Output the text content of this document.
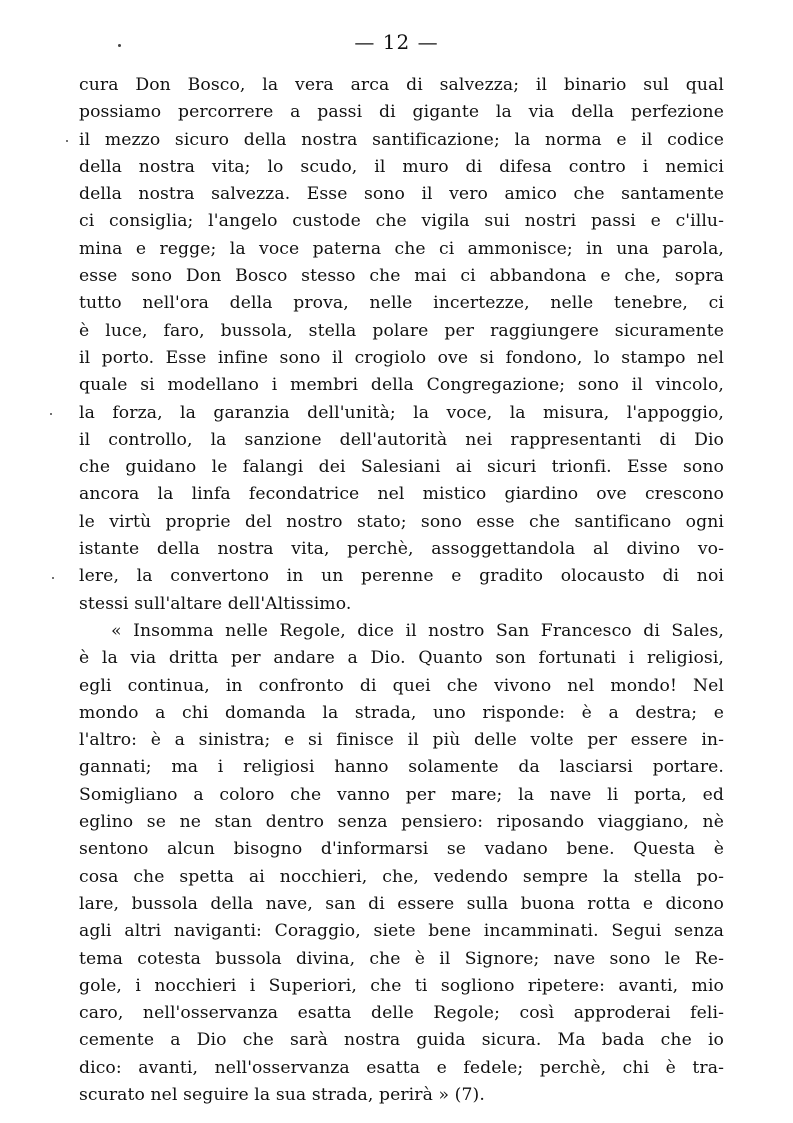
— 12 —
cura Don Bosco, la vera arca di salvezza; il binario sul qual
possiamo percorrere a passi di gigante la via della perfezione
il mezzo sicuro della nostra santificazione; la norma e il codice
della nostra vita; lo scudo, il muro di difesa contro i nemici
della nostra salvezza. Esse sono il vero amico che santamente
ci consiglia; l'angelo custode che vigila sui nostri passi e c'illu-
mina e regge; la voce paterna che ci ammonisce; in una parola,
esse sono Don Bosco stesso che mai ci abbandona e che, sopra
tutto nell'ora della prova, nelle incertezze, nelle tenebre, ci
è luce, faro, bussola, stella polare per raggiungere sicuramente
il porto. Esse infine sono il crogiolo ove si fondono, lo stampo nel
quale si modellano i membri della Congregazione; sono il vincolo,
la forza, la garanzia dell'unità; la voce, la misura, l'appoggio,
il controllo, la sanzione dell'autorità nei rappresentanti di Dio
che guidano le falangi dei Salesiani ai sicuri trionfi. Esse sono
ancora la linfa fecondatrice nel mistico giardino ove crescono
le virtù proprie del nostro stato; sono esse che santificano ogni
istante della nostra vita, perchè, assoggettandola al divino vo-
lere, la convertono in un perenne e gradito olocausto di noi
stessi sull'altare dell'Altissimo.
« Insomma nelle Regole, dice il nostro San Francesco di Sales,
è la via dritta per andare a Dio. Quanto son fortunati i religiosi,
egli continua, in confronto di quei che vivono nel mondo! Nel
mondo a chi domanda la strada, uno risponde: è a destra; e
l'altro: è a sinistra; e si finisce il più delle volte per essere in-
gannati; ma i religiosi hanno solamente da lasciarsi portare.
Somigliano a coloro che vanno per mare; la nave li porta, ed
eglino se ne stan dentro senza pensiero: riposando viaggiano, nè
sentono alcun bisogno d'informarsi se vadano bene. Questa è
cosa che spetta ai nocchieri, che, vedendo sempre la stella po-
lare, bussola della nave, san di essere sulla buona rotta e dicono
agli altri naviganti: Coraggio, siete bene incamminati. Segui senza
tema cotesta bussola divina, che è il Signore; nave sono le Re-
gole, i nocchieri i Superiori, che ti sogliono ripetere: avanti, mio
caro, nell'osservanza esatta delle Regole; così approderai feli-
cemente a Dio che sarà nostra guida sicura. Ma bada che io
dico: avanti, nell'osservanza esatta e fedele; perchè, chi è tra-
scurato nel seguire la sua strada, perirà » (7).
